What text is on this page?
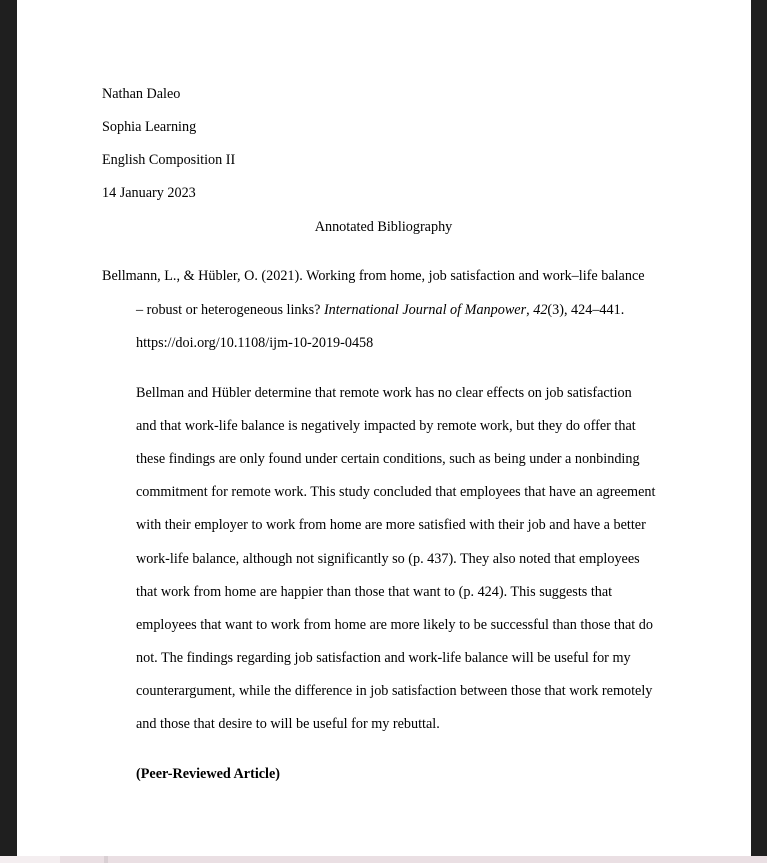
Nathan Daleo

Sophia Learning

English Composition II

14 January 2023

Annotated Bibliography

Bellmann, L., & Hübler, O. (2021). Working from home, job satisfaction and work–life balance

– robust or heterogeneous links? International Journal of Manpower, 42(3), 424–441.

https://doi.org/10.1108/ijm-10-2019-0458

Bellman and Hübler determine that remote work has no clear effects on job satisfaction

and that work-life balance is negatively impacted by remote work, but they do offer that

these findings are only found under certain conditions, such as being under a nonbinding

commitment for remote work. This study concluded that employees that have an agreement

with their employer to work from home are more satisfied with their job and have a better

work-life balance, although not significantly so (p. 437). They also noted that employees

that work from home are happier than those that want to (p. 424). This suggests that

employees that want to work from home are more likely to be successful than those that do

not. The findings regarding job satisfaction and work-life balance will be useful for my

counterargument, while the difference in job satisfaction between those that work remotely

and those that desire to will be useful for my rebuttal.

(Peer-Reviewed Article)
